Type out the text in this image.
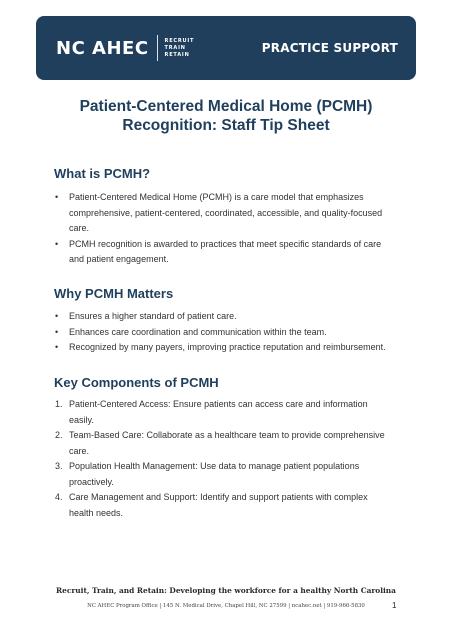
NC AHEC	RECRUIT
TRAIN
RETAIN	PRACTICE SUPPORT
Patient-Centered Medical Home (PCMH)
Recognition: Staff Tip Sheet
What is PCMH?
• Patient-Centered Medical Home (PCMH) is a care model that emphasizes
comprehensive, patient-centered, coordinated, accessible, and quality-focused
care.
• PCMH recognition is awarded to practices that meet specific standards of care
and patient engagement.
Why PCMH Matters
• Ensures a higher standard of patient care.
• Enhances care coordination and communication within the team.
• Recognized by many payers, improving practice reputation and reimbursement.
Key Components of PCMH
1. Patient-Centered Access: Ensure patients can access care and information
easily.
2. Team-Based Care: Collaborate as a healthcare team to provide comprehensive
care.
3. Population Health Management: Use data to manage patient populations
proactively.
4. Care Management and Support: Identify and support patients with complex
health needs.
Recruit, Train, and Retain: Developing the workforce for a healthy North Carolina
NC AHEC Program Office | 145 N. Medical Drive, Chapel Hill, NC 27599 | ncahec.net | 919-966-5830	1
